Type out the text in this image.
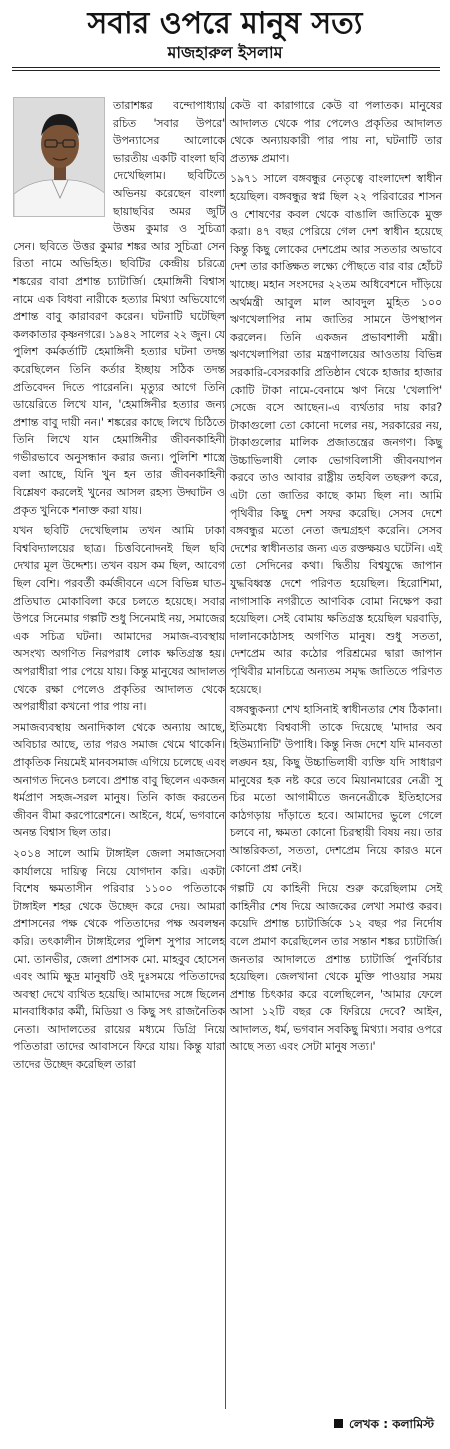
সবার ওপরে মানুষ সত্য
মাজহারুল ইসলাম

তারাশঙ্কর বন্দোপাধ্যায় রচিত 'সবার উপরে' উপন্যাসের আলোকে ভারতীয় একটি বাংলা ছবি দেখেছিলাম। ছবিটিতে অভিনয় করেছেন বাংলা ছায়াছবির অমর জুটি উত্তম কুমার ও সুচিত্রা সেন। ছবিতে উত্তর কুমার শঙ্কর আর সুচিত্রা সেন রিতা নামে অভিহিত। ছবিটির কেন্দ্রীয় চরিত্রে শঙ্করের বাবা প্রশান্ত চ্যাটার্জি। হেমাঙ্গিনী বিশ্বাস নামে এক বিধবা নারীকে হত্যার মিথ্যা অভিযোগে প্রশান্ত বাবু কারাবরণ করেন। ঘটনাটি ঘটেছিল কলকাতার কৃষ্ণনগরে। ১৯৪২ সালের ২২ জুন। যে পুলিশ কর্মকর্তাটি হেমাঙ্গিনী হত্যার ঘটনা তদন্ত করেছিলেন তিনি কর্তার ইচ্ছায় সঠিক তদন্ত প্রতিবেদন দিতে পারেননি। মৃত্যুর আগে তিনি ডায়েরিতে লিখে যান, 'হেমাঙ্গিনীর হত্যার জন্য প্রশান্ত বাবু দায়ী নন।' শঙ্করের কাছে লিখে চিঠিতে তিনি লিখে যান হেমাঙ্গিনীর জীবনকাহিনী গভীরভাবে অনুসন্ধান করার জন্য। পুলিশি শাস্ত্রে বলা আছে, যিনি খুন হন তার জীবনকাহিনী বিশ্লেষণ করলেই খুনের আসল রহস্য উদ্ঘাটন ও প্রকৃত খুনিকে শনাক্ত করা যায়।

যখন ছবিটি দেখেছিলাম তখন আমি ঢাকা বিশ্ববিদ্যালয়ের ছাত্র। চিত্তবিনোদনই ছিল ছবি দেখার মূল উদ্দেশ্য। তখন বয়স কম ছিল, আবেগ ছিল বেশি। পরবর্তী কর্মজীবনে এসে বিভিন্ন ঘাত-প্রতিঘাত মোকাবিলা করে চলতে হয়েছে। সবার উপরে সিনেমার গল্পটি শুধু সিনেমাই নয়, সমাজের এক সচিত্র ঘটনা। আমাদের সমাজ-ব্যবস্থায় অসংখ্য অগণিত নিরপরাধ লোক ক্ষতিগ্রস্ত হয়। অপরাধীরা পার পেয়ে যায়। কিন্তু মানুষের আদালত থেকে রক্ষা পেলেও প্রকৃতির আদালত থেকে অপরাধীরা কখনো পার পায় না।

সমাজব্যবস্থায় অনাদিকাল থেকে অন্যায় আছে, অবিচার আছে, তার পরও সমাজ থেমে থাকেনি। প্রাকৃতিক নিয়মেই মানবসমাজ এগিয়ে চলেছে এবং অনাগত দিনেও চলবে। প্রশান্ত বাবু ছিলেন একজন ধর্মপ্রাণ সহজ-সরল মানুষ। তিনি কাজ করতেন জীবন বীমা করপোরেশনে। আইনে, ধর্মে, ভগবানে অনন্ত বিশ্বাস ছিল তার।

২০১৪ সালে আমি টাঙ্গাইল জেলা সমাজসেবা কার্যালয়ে দায়িত্ব নিয়ে যোগদান করি। একটা বিশেষ ক্ষমতাসীন পরিবার ১১০০ পতিতাকে টাঙ্গাইল শহর থেকে উচ্ছেদ করে দেয়। আমরা প্রশাসনের পক্ষ থেকে পতিতাদের পক্ষ অবলম্বন করি। তৎকালীন টাঙ্গাইলের পুলিশ সুপার সালেহ মো. তানভীর, জেলা প্রশাসক মো. মাহবুব হোসেন এবং আমি ক্ষুদ্র মানুষটি ওই দুঃসময়ে পতিতাদের অবস্থা দেখে ব্যথিত হয়েছি। আমাদের সঙ্গে ছিলেন মানবাধিকার কর্মী, মিডিয়া ও কিছু সৎ রাজনৈতিক নেতা। আদালতের রায়ের মধ্যমে ডিগ্রি নিয়ে পতিতারা তাদের আবাসনে ফিরে যায়। কিন্তু যারা তাদের উচ্ছেদ করেছিল তারা

কেউ বা কারাগারে কেউ বা পলাতক। মানুষের আদালত থেকে পার পেলেও প্রকৃতির আদালত থেকে অন্যায়কারী পার পায় না, ঘটনাটি তার প্রত্যক্ষ প্রমাণ।

১৯৭১ সালে বঙ্গবন্ধুর নেতৃত্বে বাংলাদেশ স্বাধীন হয়েছিল। বঙ্গবন্ধুর স্বপ্ন ছিল ২২ পরিবারের শাসন ও শোষণের কবল থেকে বাঙালি জাতিকে মুক্ত করা। ৪৭ বছর পেরিয়ে গেল দেশ স্বাধীন হয়েছে কিন্তু কিছু লোকের দেশপ্রেম আর সততার অভাবে দেশ তার কাঙ্ক্ষিত লক্ষ্যে পৌছতে বার বার হোঁচট খাচ্ছে। মহান সংসদের ২২তম অধিবেশনে দাঁড়িয়ে অর্থমন্ত্রী আবুল মাল আবদুল মুহিত ১০০ ঋণখেলাপির নাম জাতির সামনে উপস্থাপন করলেন। তিনি একজন প্রভাবশালী মন্ত্রী। ঋণখেলাপিরা তার মন্ত্রণালয়ের আওতায় বিভিন্ন সরকারি-বেসরকারি প্রতিষ্ঠান থেকে হাজার হাজার কোটি টাকা নামে-বেনামে ঋণ নিয়ে 'খেলাপি' সেজে বসে আছেন।-এ ব্যর্থতার দায় কার? টাকাগুলো তো কোনো দলের নয়, সরকারের নয়, টাকাগুলোর মালিক প্রজাতন্ত্রের জনগণ। কিছু উচ্চাভিলাষী লোক ভোগবিলাসী জীবনযাপন করবে তাও আবার রাষ্ট্রীয় তহবিল তছরুপ করে, এটা তো জাতির কাছে কাম্য ছিল না। আমি পৃথিবীর কিছু দেশ সফর করেছি। সেসব দেশে বঙ্গবন্ধুর মতো নেতা জন্মগ্রহণ করেনি। সেসব দেশের স্বাধীনতার জন্য এত রক্তক্ষয়ও ঘটেনি। এই তো সেদিনের কথা। দ্বিতীয় বিশ্বযুদ্ধে জাপান যুদ্ধবিধ্বস্ত দেশে পরিণত হয়েছিল। হিরোশিমা, নাগাসাকি নগরীতে আণবিক বোমা নিক্ষেপ করা হয়েছিল। সেই বোমায় ক্ষতিগ্রস্ত হয়েছিল ঘরবাড়ি, দালানকোঠাসহ অগণিত মানুষ। শুধু সততা, দেশপ্রেম আর কঠোর পরিশ্রমের দ্বারা জাপান পৃথিবীর মানচিত্রে অন্যতম সমৃদ্ধ জাতিতে পরিণত হয়েছে।

বঙ্গবন্ধুকন্যা শেখ হাসিনাই স্বাধীনতার শেষ ঠিকানা। ইতিমধ্যে বিশ্ববাসী তাকে দিয়েছে 'মাদার অব হিউম্যানিটি' উপাধি। কিন্তু নিজ দেশে যদি মানবতা লঙ্ঘন হয়, কিছু উচ্চাভিলাষী ব্যক্তি যদি সাধারণ মানুষের হক নষ্ট করে তবে মিয়ানমারের নেত্রী সু চির মতো আগামীতে জননেত্রীকে ইতিহাসের কাঠগড়ায় দাঁড়াতে হবে। আমাদের ভুলে গেলে চলবে না, ক্ষমতা কোনো চিরস্থায়ী বিষয় নয়। তার আন্তরিকতা, সততা, দেশপ্রেম নিয়ে কারও মনে কোনো প্রশ্ন নেই।

গল্পটি যে কাহিনী দিয়ে শুরু করেছিলাম সেই কাহিনীর শেষ দিয়ে আজকের লেখা সমাপ্ত করব। কয়েদি প্রশান্ত চ্যাটার্জিকে ১২ বছর পর নির্দোষ বলে প্রমাণ করেছিলেন তার সন্তান শঙ্কর চ্যাটার্জি। জনতার আদালতে প্রশান্ত চ্যাটার্জি পুনর্বিচার হয়েছিল। জেলখানা থেকে মুক্তি পাওয়ার সময় প্রশান্ত চিৎকার করে বলেছিলেন, 'আমার ফেলে আসা ১২টি বছর কে ফিরিয়ে দেবে? আইন, আদালত, ধর্ম, ভগবান সবকিছু মিথ্যা। সবার ওপরে আছে সত্য এবং সেটা মানুষ সত্য।'

লেখক : কলামিস্ট
